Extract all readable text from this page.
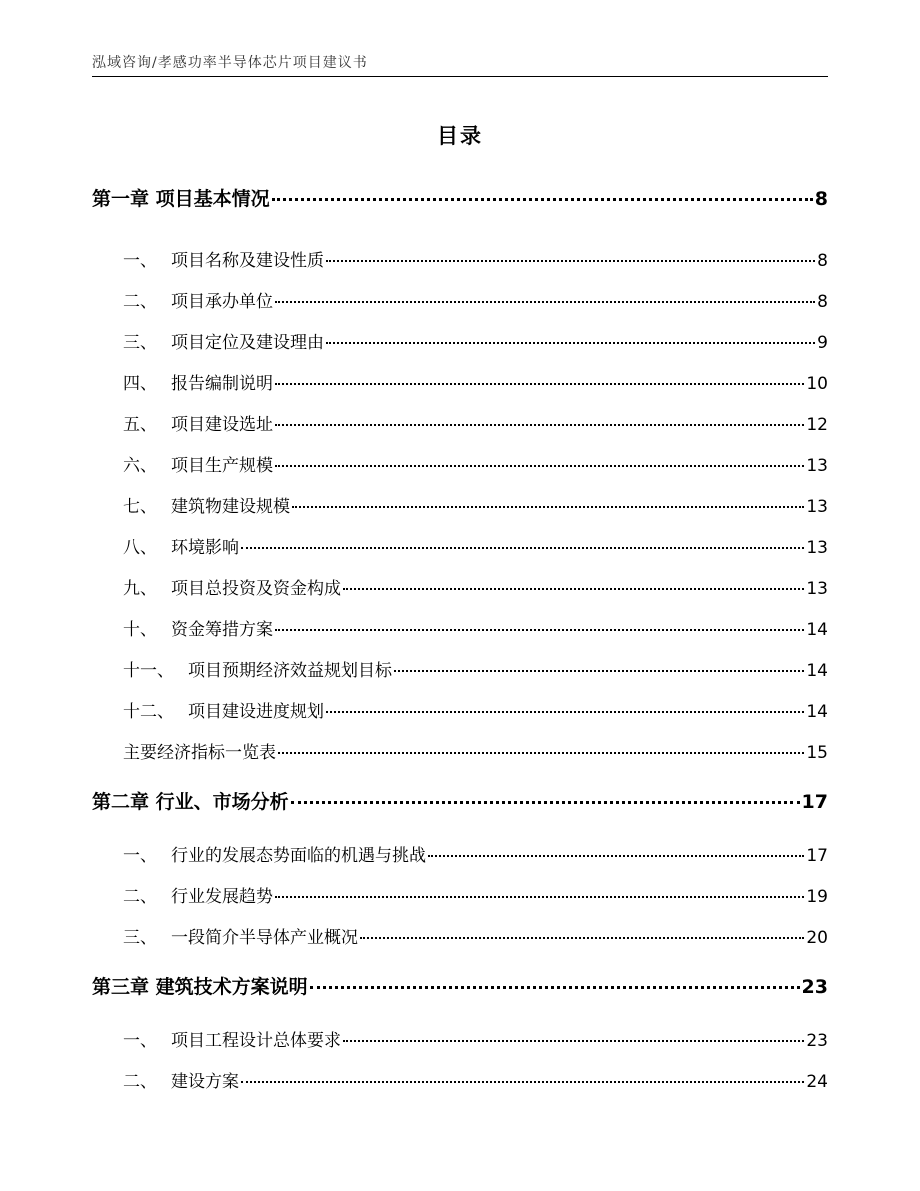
泓域咨询/孝感功率半导体芯片项目建议书
目录
第一章 项目基本情况	8
一、 项目名称及建设性质	8
二、 项目承办单位	8
三、 项目定位及建设理由	9
四、 报告编制说明	10
五、 项目建设选址	12
六、 项目生产规模	13
七、 建筑物建设规模	13
八、 环境影响	13
九、 项目总投资及资金构成	13
十、 资金筹措方案	14
十一、 项目预期经济效益规划目标	14
十二、 项目建设进度规划	14
主要经济指标一览表	15
第二章 行业、市场分析	17
一、 行业的发展态势面临的机遇与挑战	17
二、 行业发展趋势	19
三、 一段简介半导体产业概况	20
第三章 建筑技术方案说明	23
一、 项目工程设计总体要求	23
二、 建设方案	24
